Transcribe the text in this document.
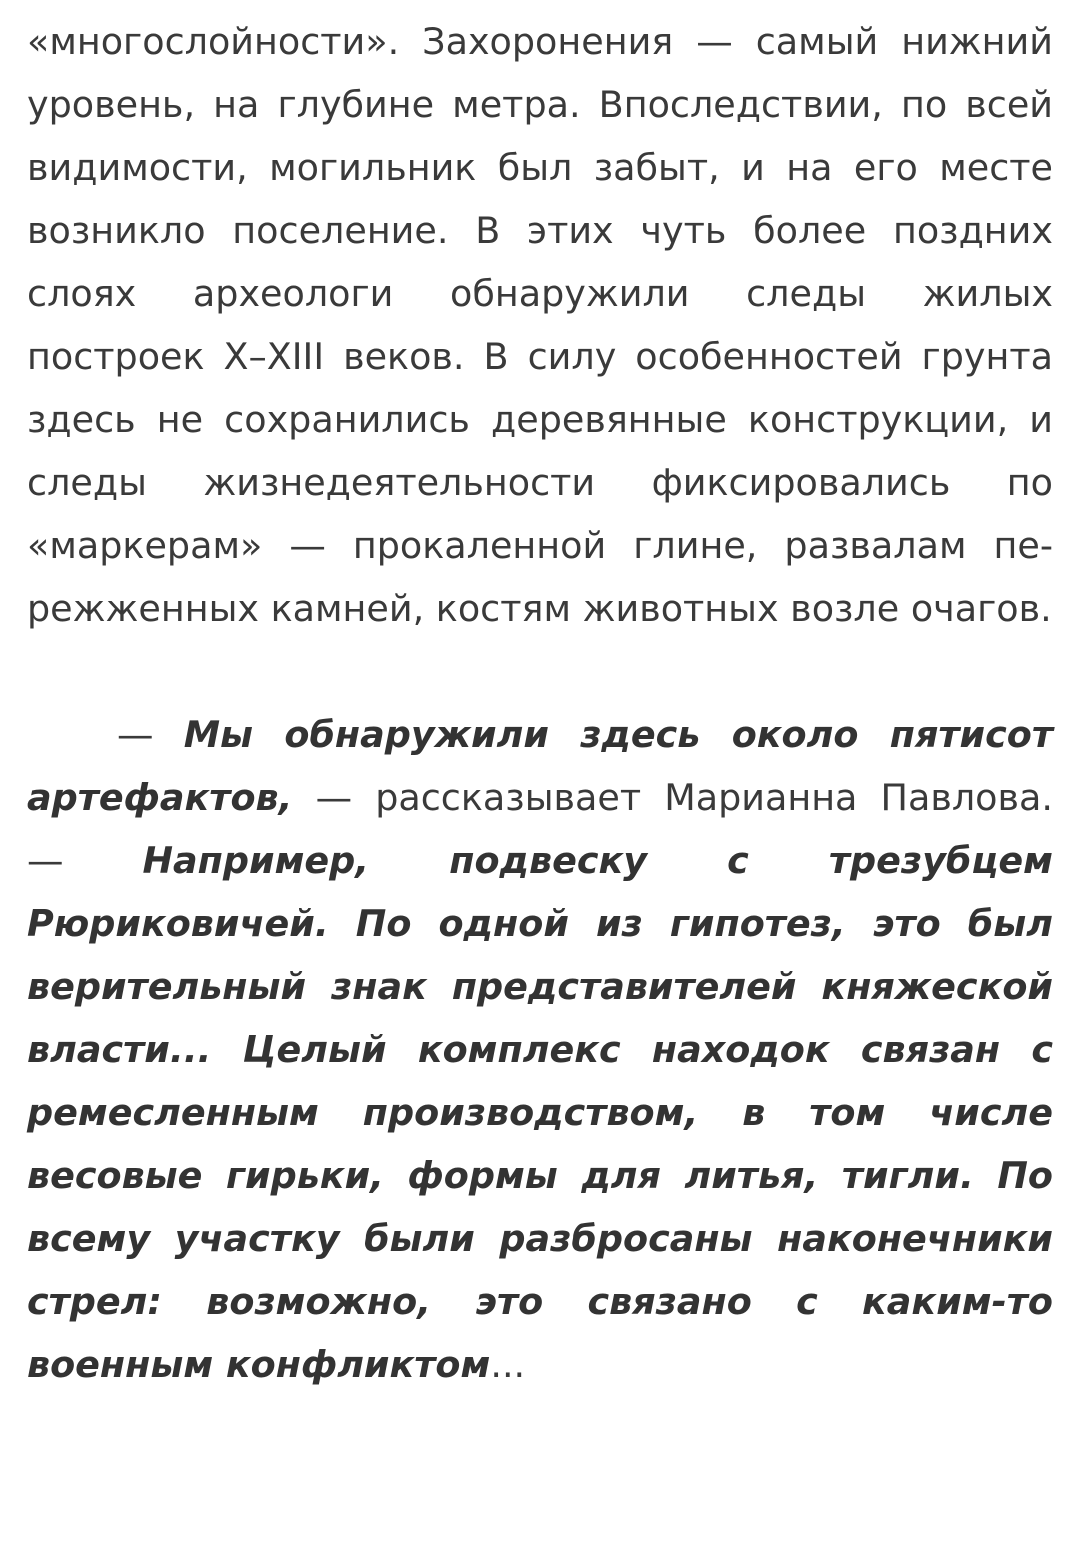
«многослойности». Захоронения — самый нижний уровень, на глубине метра. Впоследствии, по всей видимости, могильник был забыт, и на его месте возникло поселение. В этих чуть более поздних слоях археологи обнаружили следы жилых построек X–XIII веков. В силу особенностей грунта здесь не сохранились деревянные конструкции, и следы жизнедеятельности фиксировались по «маркерам» — прокаленной глине, развалам пережженных камней, костям животных возле очагов.

— Мы обнаружили здесь около пятисот артефактов, — рассказывает Марианна Павлова. — Например, подвеску с трезубцем Рюриковичей. По одной из гипотез, это был верительный знак представителей княжеской власти... Целый комплекс находок связан с ремесленным производством, в том числе весовые гирьки, формы для литья, тигли. По всему участку были разбросаны наконечники стрел: возможно, это связано с каким-то военным конфликтом...
